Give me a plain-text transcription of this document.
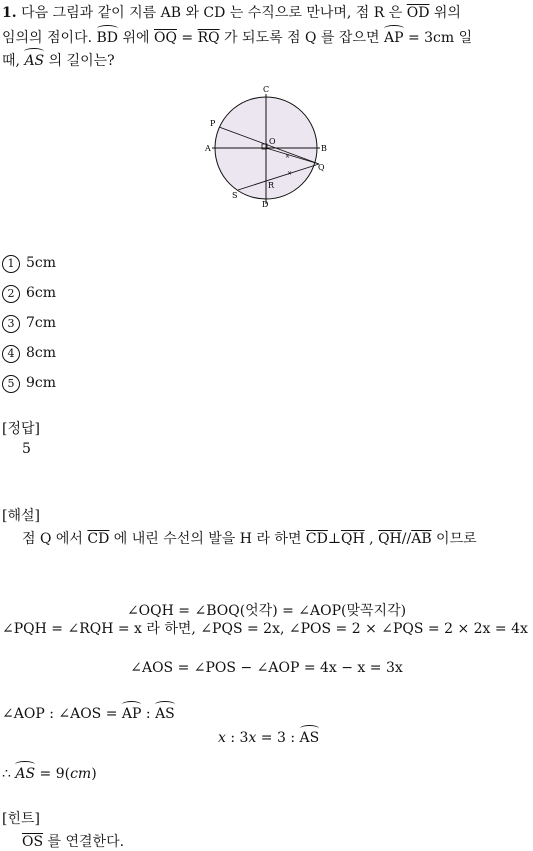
1. 다음 그림과 같이 지름 AB 와 CD 는 수직으로 만나며, 점 R 은 $\overline{OD}$ 위의
임의의 점이다. BD 위에 $\overline{OQ} = \overline{RQ}$ 가 되도록 점 Q 를 잡으면 AP = 3cm 일
때, AS 의 길이는?
C
P
O
A	B
Q
R
S
D
×
×
1 5cm
2 6cm
3 7cm
4 8cm
5 9cm
[정답]
5
[해설]
점 Q 에서 $\overline{CD}$ 에 내린 수선의 발을 H 라 하면 $\overline{CD}\perp\overline{QH}$ , $\overline{QH}//\overline{AB}$ 이므로
∠OQH = ∠BOQ(엇각) = ∠AOP(맞꼭지각)
∠PQH = ∠RQH = x 라 하면, ∠PQS = 2x, ∠POS = 2 × ∠PQS = 2 × 2x = 4x
∠AOS = ∠POS − ∠AOP = 4x − x = 3x
∠AOP : ∠AOS = AP : AS
x : 3x = 3 : AS
∴ AS = 9(cm)
[힌트]
$\overline{OS}$ 를 연결한다.
